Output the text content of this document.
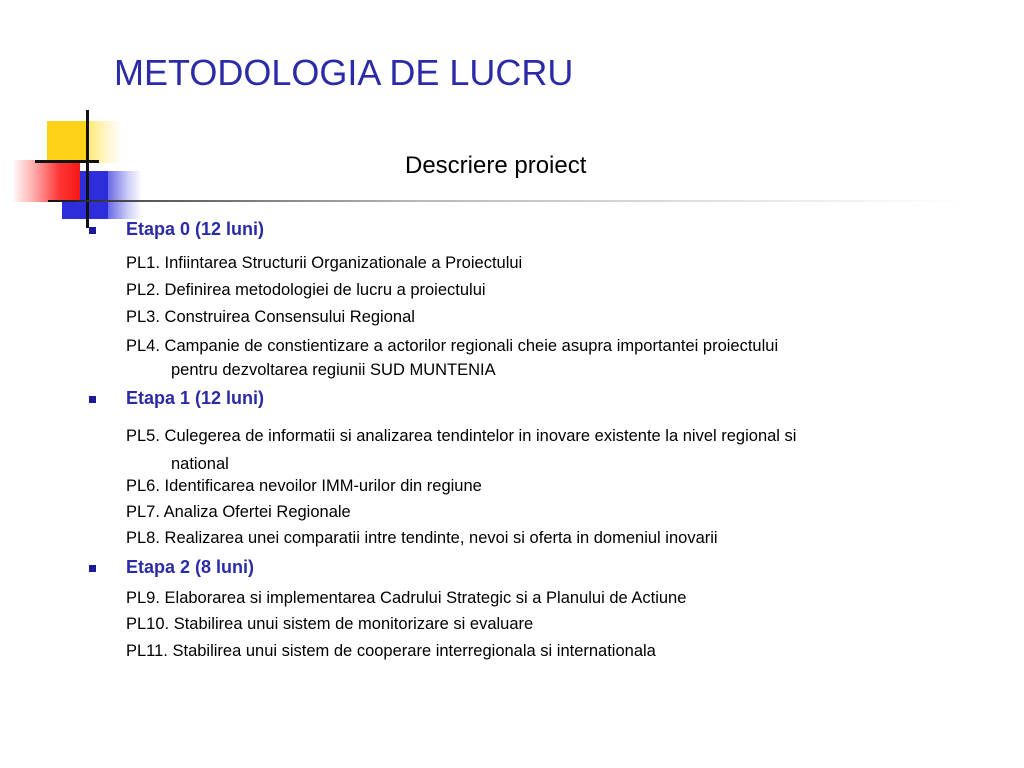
METODOLOGIA DE LUCRU
Descriere proiect
Etapa 0 (12 luni)
PL1. Infiintarea Structurii Organizationale a Proiectului
PL2. Definirea metodologiei de lucru a proiectului
PL3. Construirea Consensului Regional
PL4. Campanie de constientizare a actorilor regionali cheie asupra importantei proiectului
pentru dezvoltarea regiunii SUD MUNTENIA
Etapa 1 (12 luni)
PL5. Culegerea de informatii si analizarea tendintelor in inovare existente la nivel regional si
national
PL6. Identificarea nevoilor IMM-urilor din regiune
PL7. Analiza Ofertei Regionale
PL8. Realizarea unei comparatii intre tendinte, nevoi si oferta in domeniul inovarii
Etapa 2 (8 luni)
PL9. Elaborarea si implementarea Cadrului Strategic si a Planului de Actiune
PL10. Stabilirea unui sistem de monitorizare si evaluare
PL11. Stabilirea unui sistem de cooperare interregionala si internationala
